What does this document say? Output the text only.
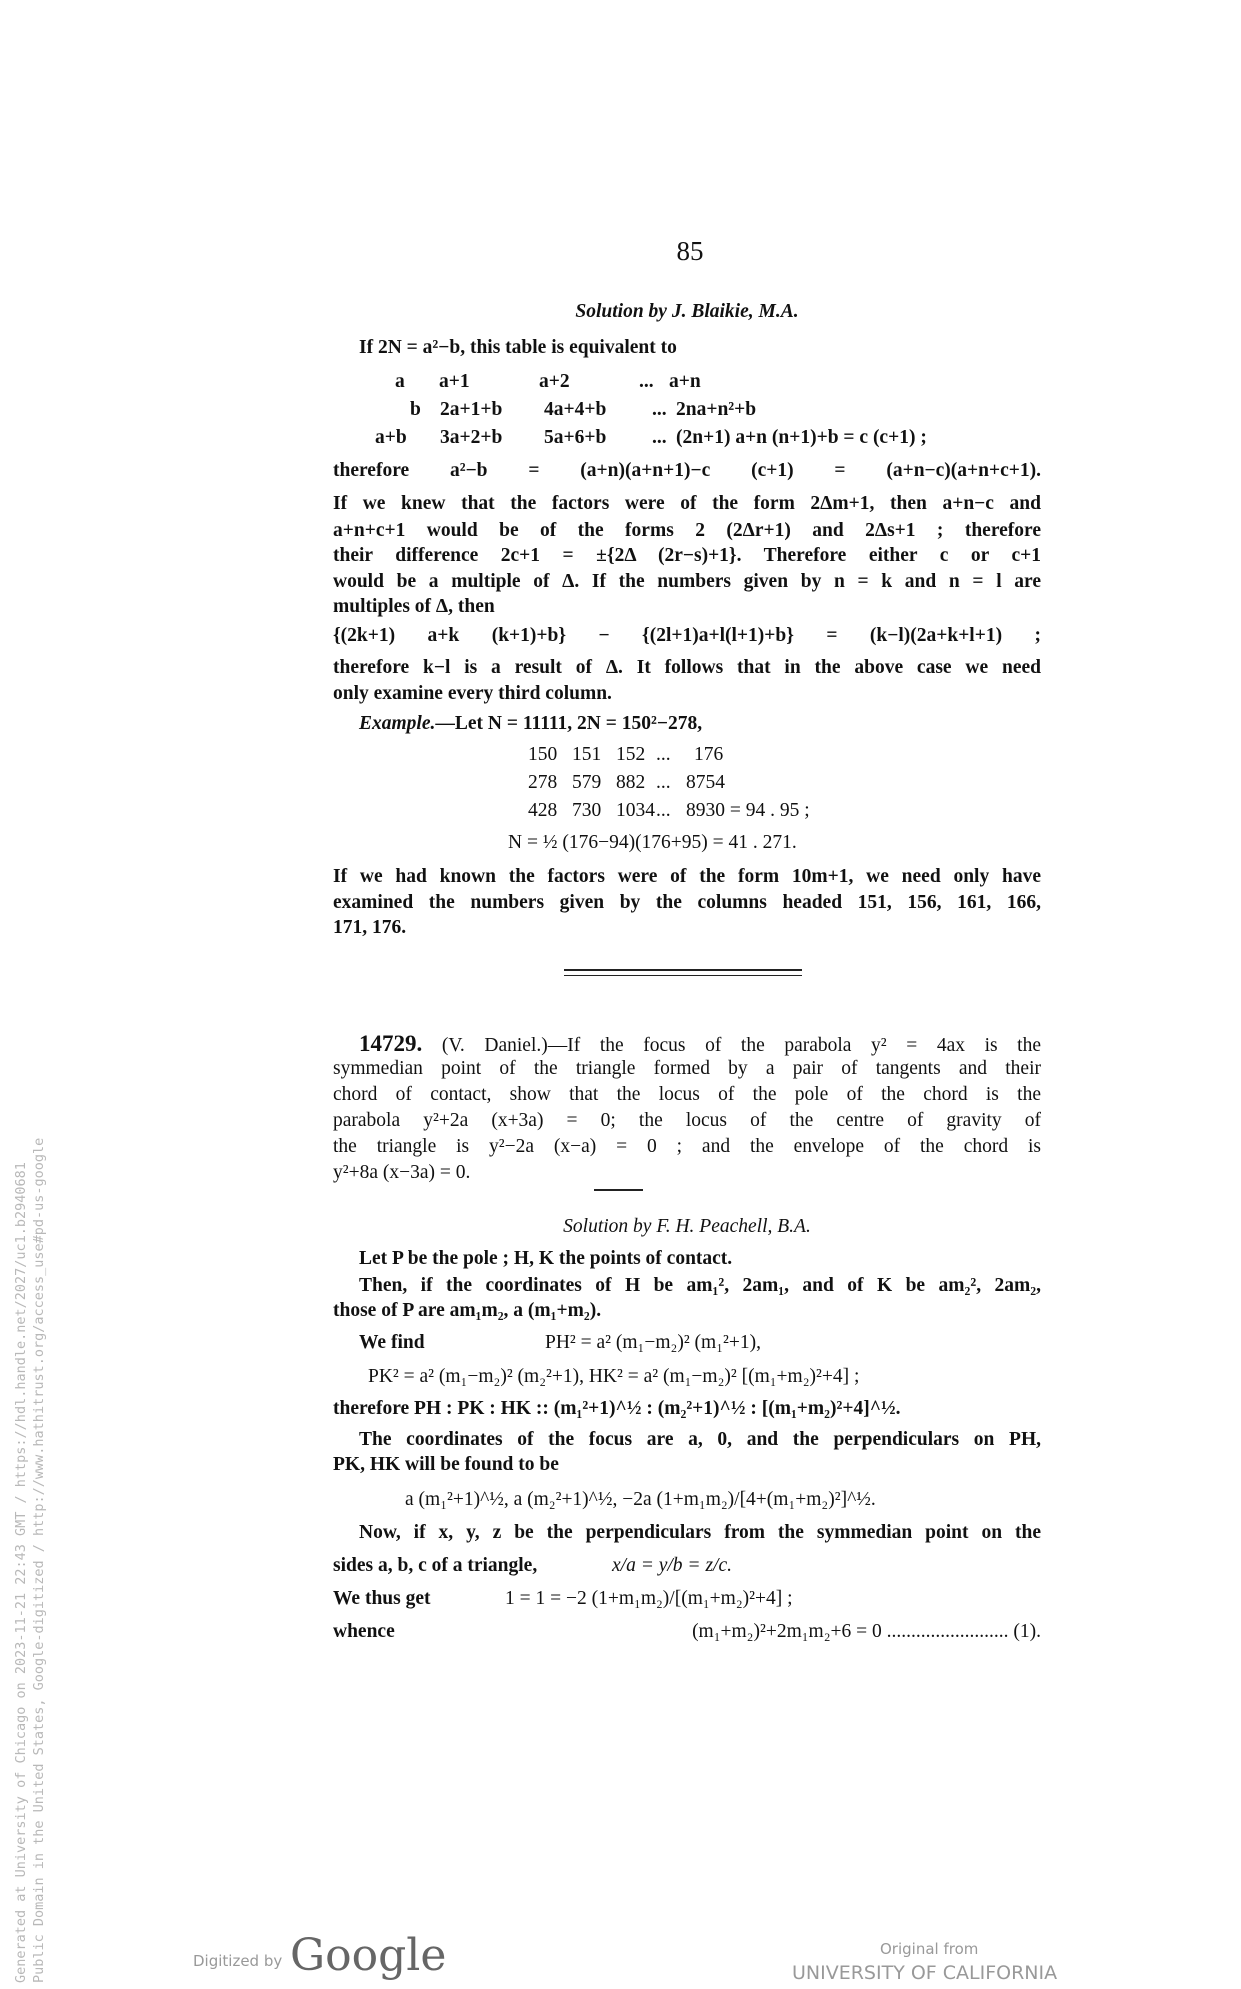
85
Solution by J. Blaikie, M.A.
If 2N = a²−b, this table is equivalent to
a a+1	a+2	... a+n
b 2a+1+b 4a+4+b ... 2na+n²+b
a+b 3a+2+b 5a+6+b ... (2n+1) a+n (n+1)+b = c (c+1) ;
therefore a²−b = (a+n)(a+n+1)−c (c+1) = (a+n−c)(a+n+c+1).
If we knew that the factors were of the form 2Δm+1, then a+n−c and
a+n+c+1 would be of the forms 2 (2Δr+1) and 2Δs+1 ; therefore
their difference 2c+1 = ±{2Δ (2r−s)+1}. Therefore either c or c+1
would be a multiple of Δ. If the numbers given by n = k and n = l are
multiples of Δ, then
{(2k+1) a+k (k+1)+b} − {(2l+1)a+l(l+1)+b} = (k−l)(2a+k+l+1) ;
therefore k−l is a result of Δ. It follows that in the above case we need
only examine every third column.
Example.—Let N = 11111, 2N = 150²−278,
150 151 152 ... 176
278 579 882 ... 8754
428 730 1034... 8930 = 94 . 95 ;
N = ½ (176−94)(176+95) = 41 . 271.
If we had known the factors were of the form 10m+1, we need only have
examined the numbers given by the columns headed 151, 156, 161, 166,
171, 176.
14729. (V. Daniel.)—If the focus of the parabola y² = 4ax is the
symmedian point of the triangle formed by a pair of tangents and their
chord of contact, show that the locus of the pole of the chord is the
parabola y²+2a (x+3a) = 0; the locus of the centre of gravity of
the triangle is y²−2a (x−a) = 0 ; and the envelope of the chord is
y²+8a (x−3a) = 0.
Solution by F. H. Peachell, B.A.
Let P be the pole ; H, K the points of contact.
Then, if the coordinates of H be am₁², 2am₁, and of K be am₂², 2am₂,
those of P are am₁m₂, a (m₁+m₂).
We find	PH² = a² (m₁−m₂)² (m₁²+1),
PK² = a² (m₁−m₂)² (m₂²+1), HK² = a² (m₁−m₂)² [(m₁+m₂)²+4] ;
therefore PH : PK : HK :: (m₁²+1)^½ : (m₂²+1)^½ : [(m₁+m₂)²+4]^½.
The coordinates of the focus are a, 0, and the perpendiculars on PH,
PK, HK will be found to be
a (m₁²+1)^½, a (m₂²+1)^½, −2a (1+m₁m₂)/[4+(m₁+m₂)²]^½.
Now, if x, y, z be the perpendiculars from the symmedian point on the
sides a, b, c of a triangle,	x/a = y/b = z/c.
We thus get	1 = 1 = −2 (1+m₁m₂)/[(m₁+m₂)²+4] ;
whence	(m₁+m₂)²+2m₁m₂+6 = 0 ......................... (1).
Generated at University of Chicago on 2023-11-21 22:43 GMT / https://hdl.handle.net/2027/uc1.b2940681 Public Domain in the United States, Google-digitized / http://www.hathitrust.org/access_use#pd-us-google	Digitized by Google	Original from
UNIVERSITY OF CALIFORNIA
